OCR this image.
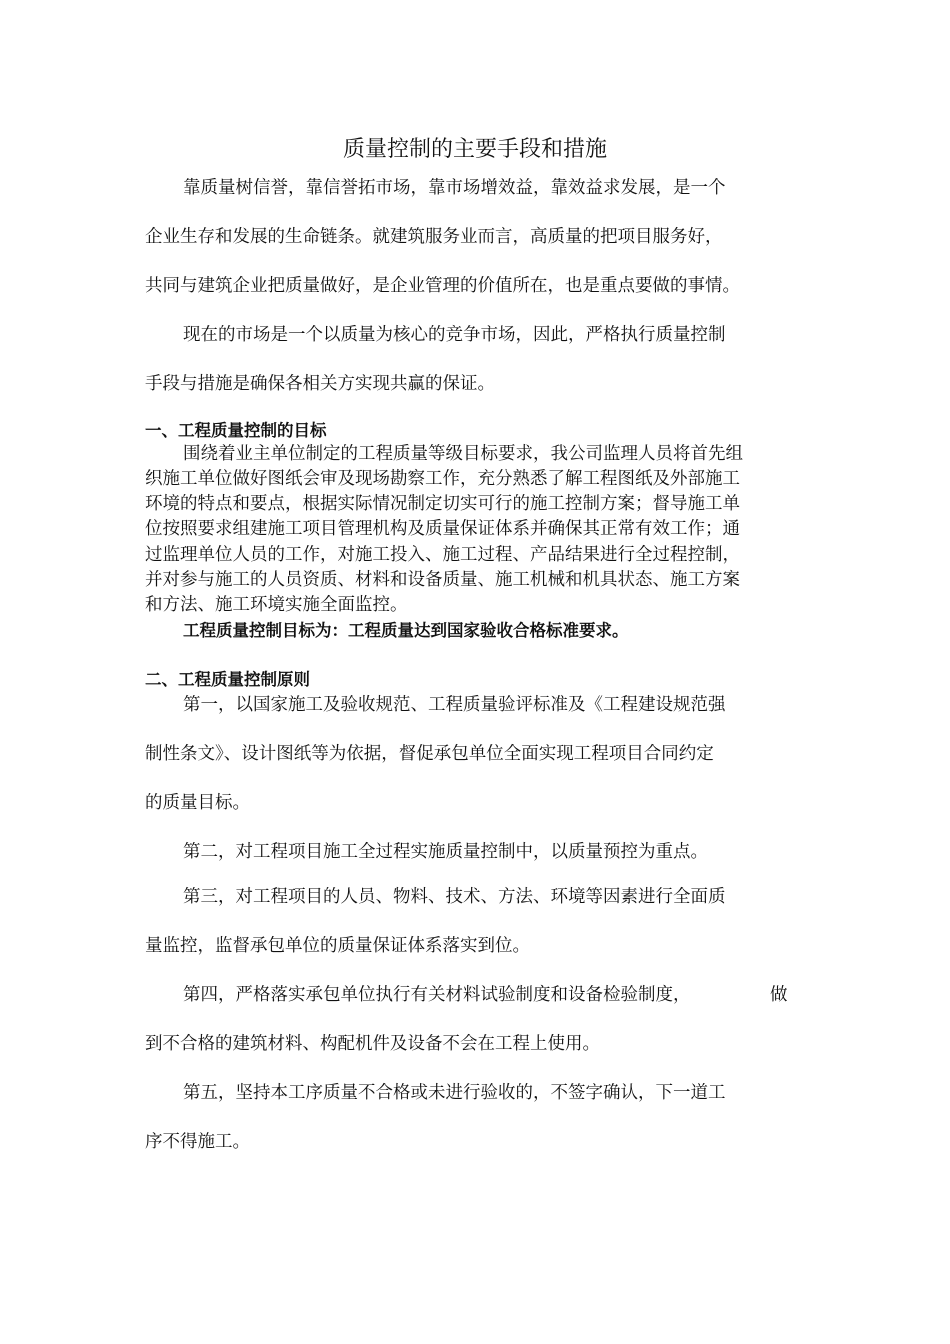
质量控制的主要手段和措施
靠质量树信誉，靠信誉拓市场，靠市场增效益，靠效益求发展，是一个
企业生存和发展的生命链条。就建筑服务业而言，高质量的把项目服务好，
共同与建筑企业把质量做好，是企业管理的价值所在，也是重点要做的事情。
现在的市场是一个以质量为核心的竞争市场，因此，严格执行质量控制
手段与措施是确保各相关方实现共赢的保证。
一、工程质量控制的目标
围绕着业主单位制定的工程质量等级目标要求，我公司监理人员将首先组
织施工单位做好图纸会审及现场勘察工作，充分熟悉了解工程图纸及外部施工
环境的特点和要点，根据实际情况制定切实可行的施工控制方案；督导施工单
位按照要求组建施工项目管理机构及质量保证体系并确保其正常有效工作；通
过监理单位人员的工作，对施工投入、施工过程、产品结果进行全过程控制，
并对参与施工的人员资质、材料和设备质量、施工机械和机具状态、施工方案
和方法、施工环境实施全面监控。
工程质量控制目标为：工程质量达到国家验收合格标准要求。
二、工程质量控制原则
第一，以国家施工及验收规范、工程质量验评标准及《工程建设规范强
制性条文》、设计图纸等为依据，督促承包单位全面实现工程项目合同约定
的质量目标。
第二，对工程项目施工全过程实施质量控制中，以质量预控为重点。
第三，对工程项目的人员、物料、技术、方法、环境等因素进行全面质
量监控，监督承包单位的质量保证体系落实到位。
第四，严格落实承包单位执行有关材料试验制度和设备检验制度，	做
到不合格的建筑材料、构配机件及设备不会在工程上使用。
第五，坚持本工序质量不合格或未进行验收的，不签字确认，下一道工
序不得施工。
